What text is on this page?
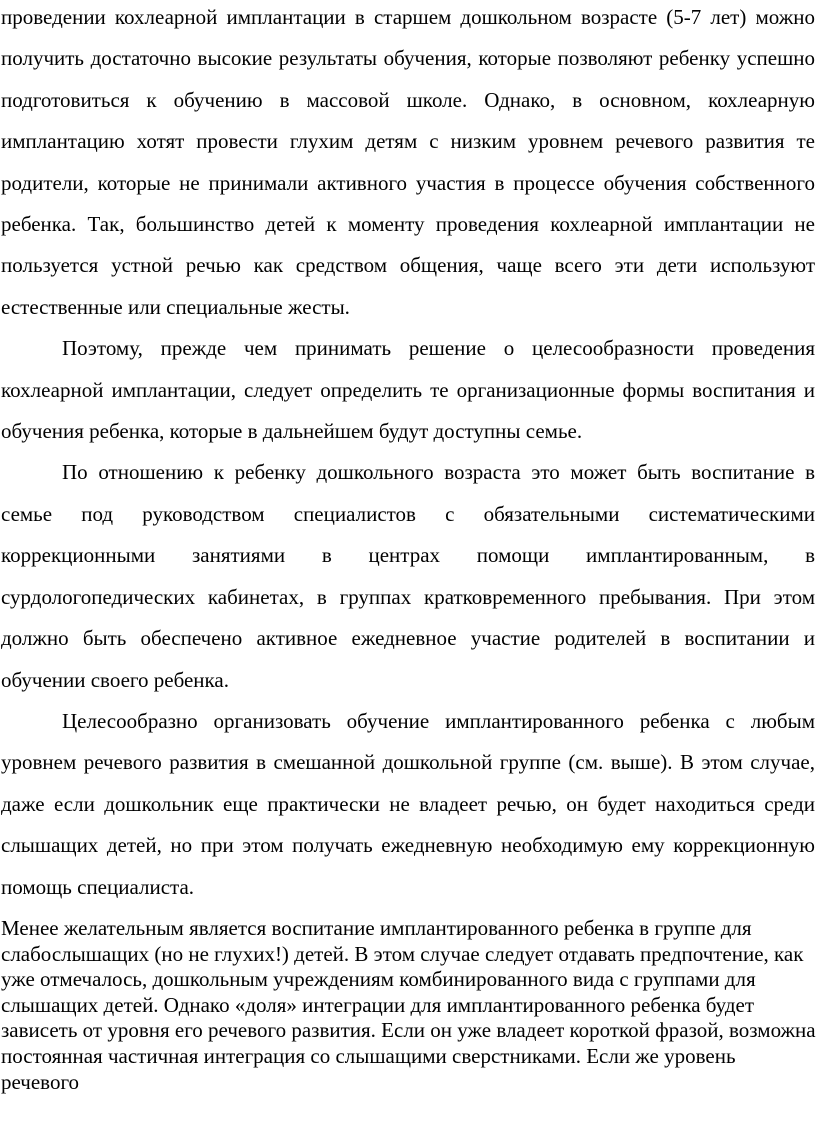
проведении кохлеарной имплантации в старшем дошкольном возрасте (5-7 лет) можно получить достаточно высокие результаты обучения, которые позволяют ребенку успешно подготовиться к обучению в массовой школе. Однако, в основном, кохлеарную имплантацию хотят провести глухим детям с низким уровнем речевого развития те родители, которые не принимали активного участия в процессе обучения собственного ребенка. Так, большинство детей к моменту проведения кохлеарной имплантации не пользуется устной речью как средством общения, чаще всего эти дети используют естественные или специальные жесты.

Поэтому, прежде чем принимать решение о целесообразности проведения кохлеарной имплантации, следует определить те организационные формы воспитания и обучения ребенка, которые в дальнейшем будут доступны семье.

По отношению к ребенку дошкольного возраста это может быть воспитание в семье под руководством специалистов с обязательными систематическими коррекционными занятиями в центрах помощи имплантированным, в сурдологопедических кабинетах, в группах кратковременного пребывания. При этом должно быть обеспечено активное ежедневное участие родителей в воспитании и обучении своего ребенка.

Целесообразно организовать обучение имплантированного ребенка с любым уровнем речевого развития в смешанной дошкольной группе (см. выше). В этом случае, даже если дошкольник еще практически не владеет речью, он будет находиться среди слышащих детей, но при этом получать ежедневную необходимую ему коррекционную помощь специалиста.

Менее желательным является воспитание имплантированного ребенка в группе для слабослышащих (но не глухих!) детей. В этом случае следует отдавать предпочтение, как уже отмечалось, дошкольным учреждениям комбинированного вида с группами для слышащих детей. Однако «доля» интеграции для имплантированного ребенка будет зависеть от уровня его речевого развития. Если он уже владеет короткой фразой, возможна постоянная частичная интеграция со слышащими сверстниками. Если же уровень речевого
